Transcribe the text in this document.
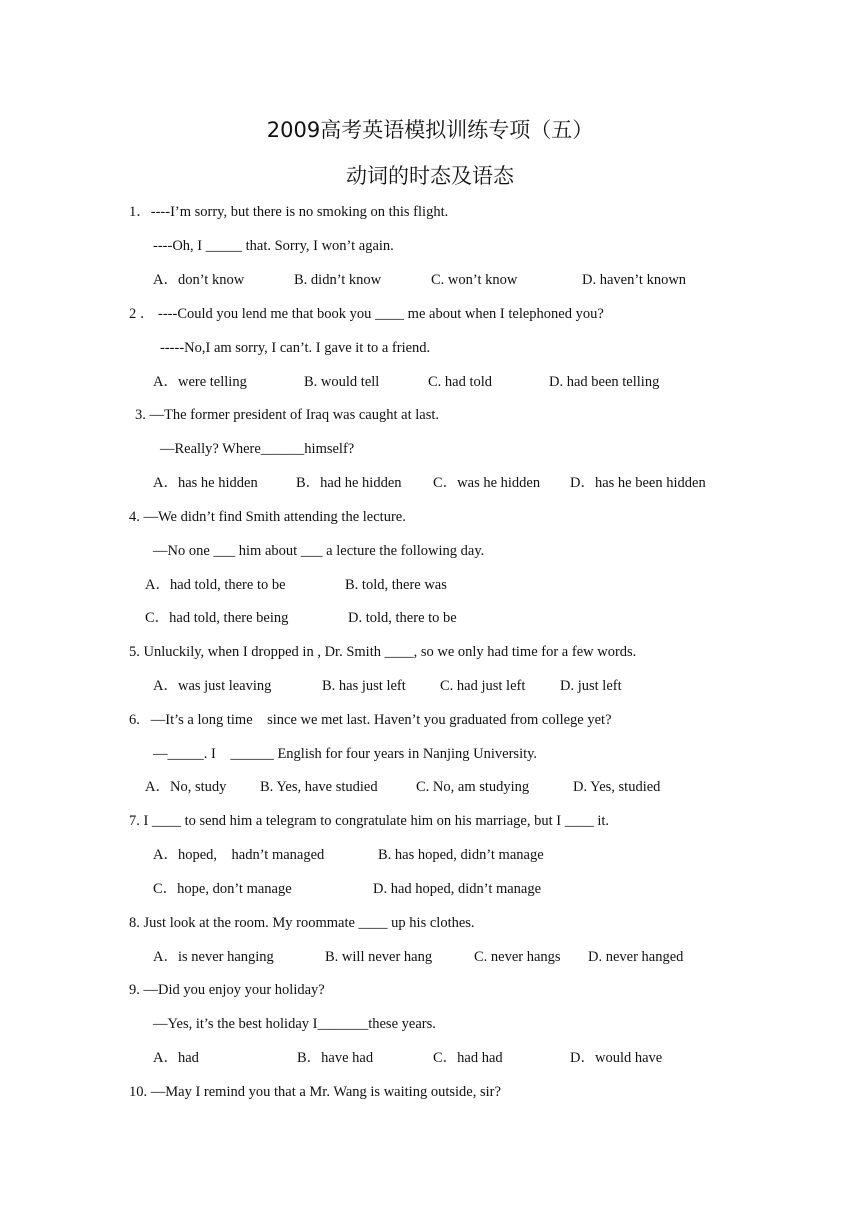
2009高考英语模拟训练专项（五）
动词的时态及语态
1．----I’m sorry, but there is no smoking on this flight.
----Oh, I _____ that. Sorry, I won’t again.
A．don’t know	B. didn’t know	C. won’t know	D. haven’t known
2 ． ----Could you lend me that book you ____ me about when I telephoned you?
-----No,I am sorry, I can’t. I gave it to a friend.
A．were telling	B. would tell	C. had told	D. had been telling
3. —The former president of Iraq was caught at last.
—Really? Where______himself?
A．has he hidden	B．had he hidden C．was he hidden D．has he been hidden
4. —We didn’t find Smith attending the lecture.
—No one ___ him about ___ a lecture the following day.
A．had told, there to be	B. told, there was
C．had told, there being	D. told, there to be
5. Unluckily, when I dropped in , Dr. Smith ____, so we only had time for a few words.
A．was just leaving	B. has just left C. had just left D. just left
6.   —It’s a long time    since we met last. Haven’t you graduated from college yet?
—_____. I    ______ English for four years in Nanjing University.
A．No, study B. Yes, have studied	C. No, am studying	D. Yes, studied
7. I ____ to send him a telegram to congratulate him on his marriage, but I ____ it.
A．hoped,    hadn’t managed	B. has hoped, didn’t manage
C．hope, don’t manage	D. had hoped, didn’t manage
8. Just look at the room. My roommate ____ up his clothes.
A．is never hanging	B. will never hang	C. never hangs D. never hanged
9. —Did you enjoy your holiday?
—Yes, it’s the best holiday I_______these years.
A．had	B．have had	C．had had	D．would have
10. —May I remind you that a Mr. Wang is waiting outside, sir?
